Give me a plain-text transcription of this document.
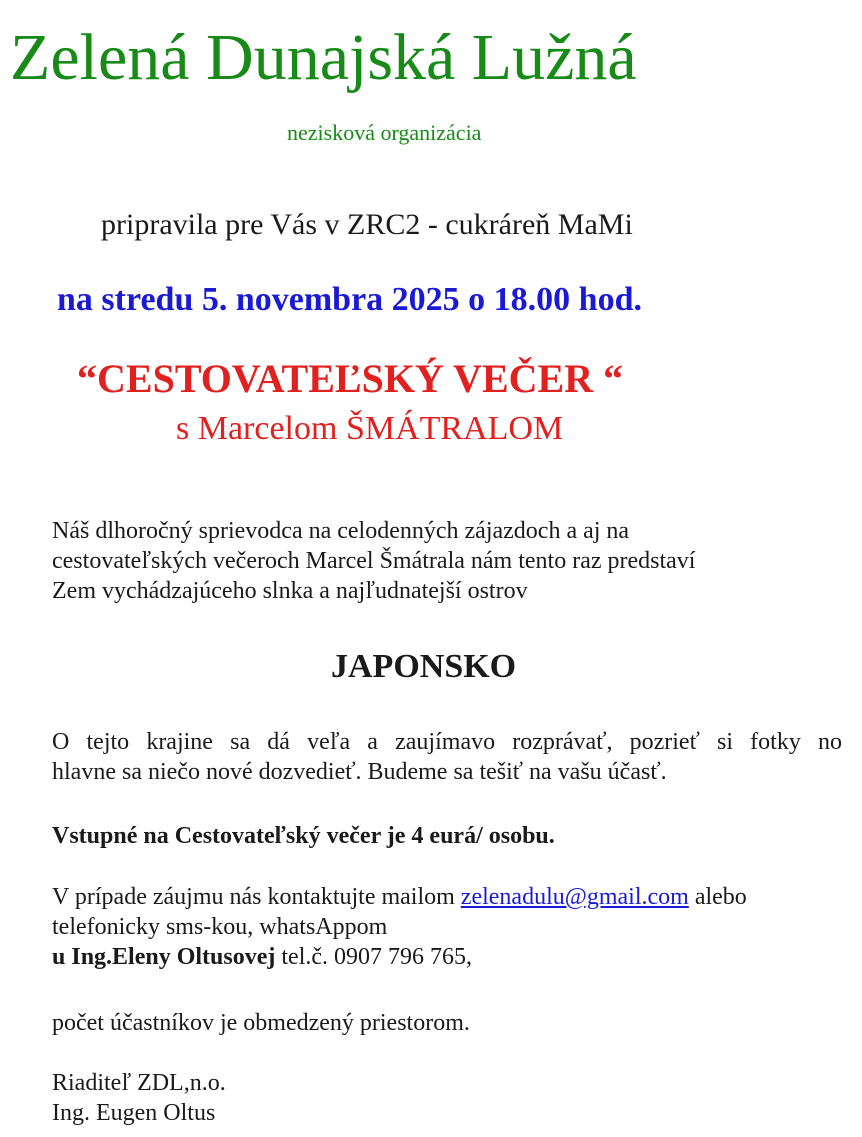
Zelená Dunajská Lužná
nezisková organizácia
pripravila pre Vás v ZRC2 - cukráreň MaMi
na stredu 5. novembra 2025 o 18.00 hod.
“CESTOVATEĽSKÝ VEČER “
s Marcelom ŠMÁTRALOM
Náš dlhoročný sprievodca na celodenných zájazdoch a aj na
cestovateľských večeroch Marcel Šmátrala nám tento raz predstaví
Zem vychádzajúceho slnka a najľudnatejší ostrov
JAPONSKO
O tejto krajine sa dá veľa a zaujímavo rozprávať, pozrieť si fotky no
hlavne sa niečo nové dozvedieť. Budeme sa tešiť na vašu účasť.
Vstupné na Cestovateľský večer je 4 eurá/ osobu.
V prípade záujmu nás kontaktujte mailom zelenadulu@gmail.com alebo
telefonicky sms-kou, whatsAppom
u Ing.Eleny Oltusovej tel.č. 0907 796 765,
počet účastníkov je obmedzený priestorom.
Riaditeľ ZDL,n.o.
Ing. Eugen Oltus
